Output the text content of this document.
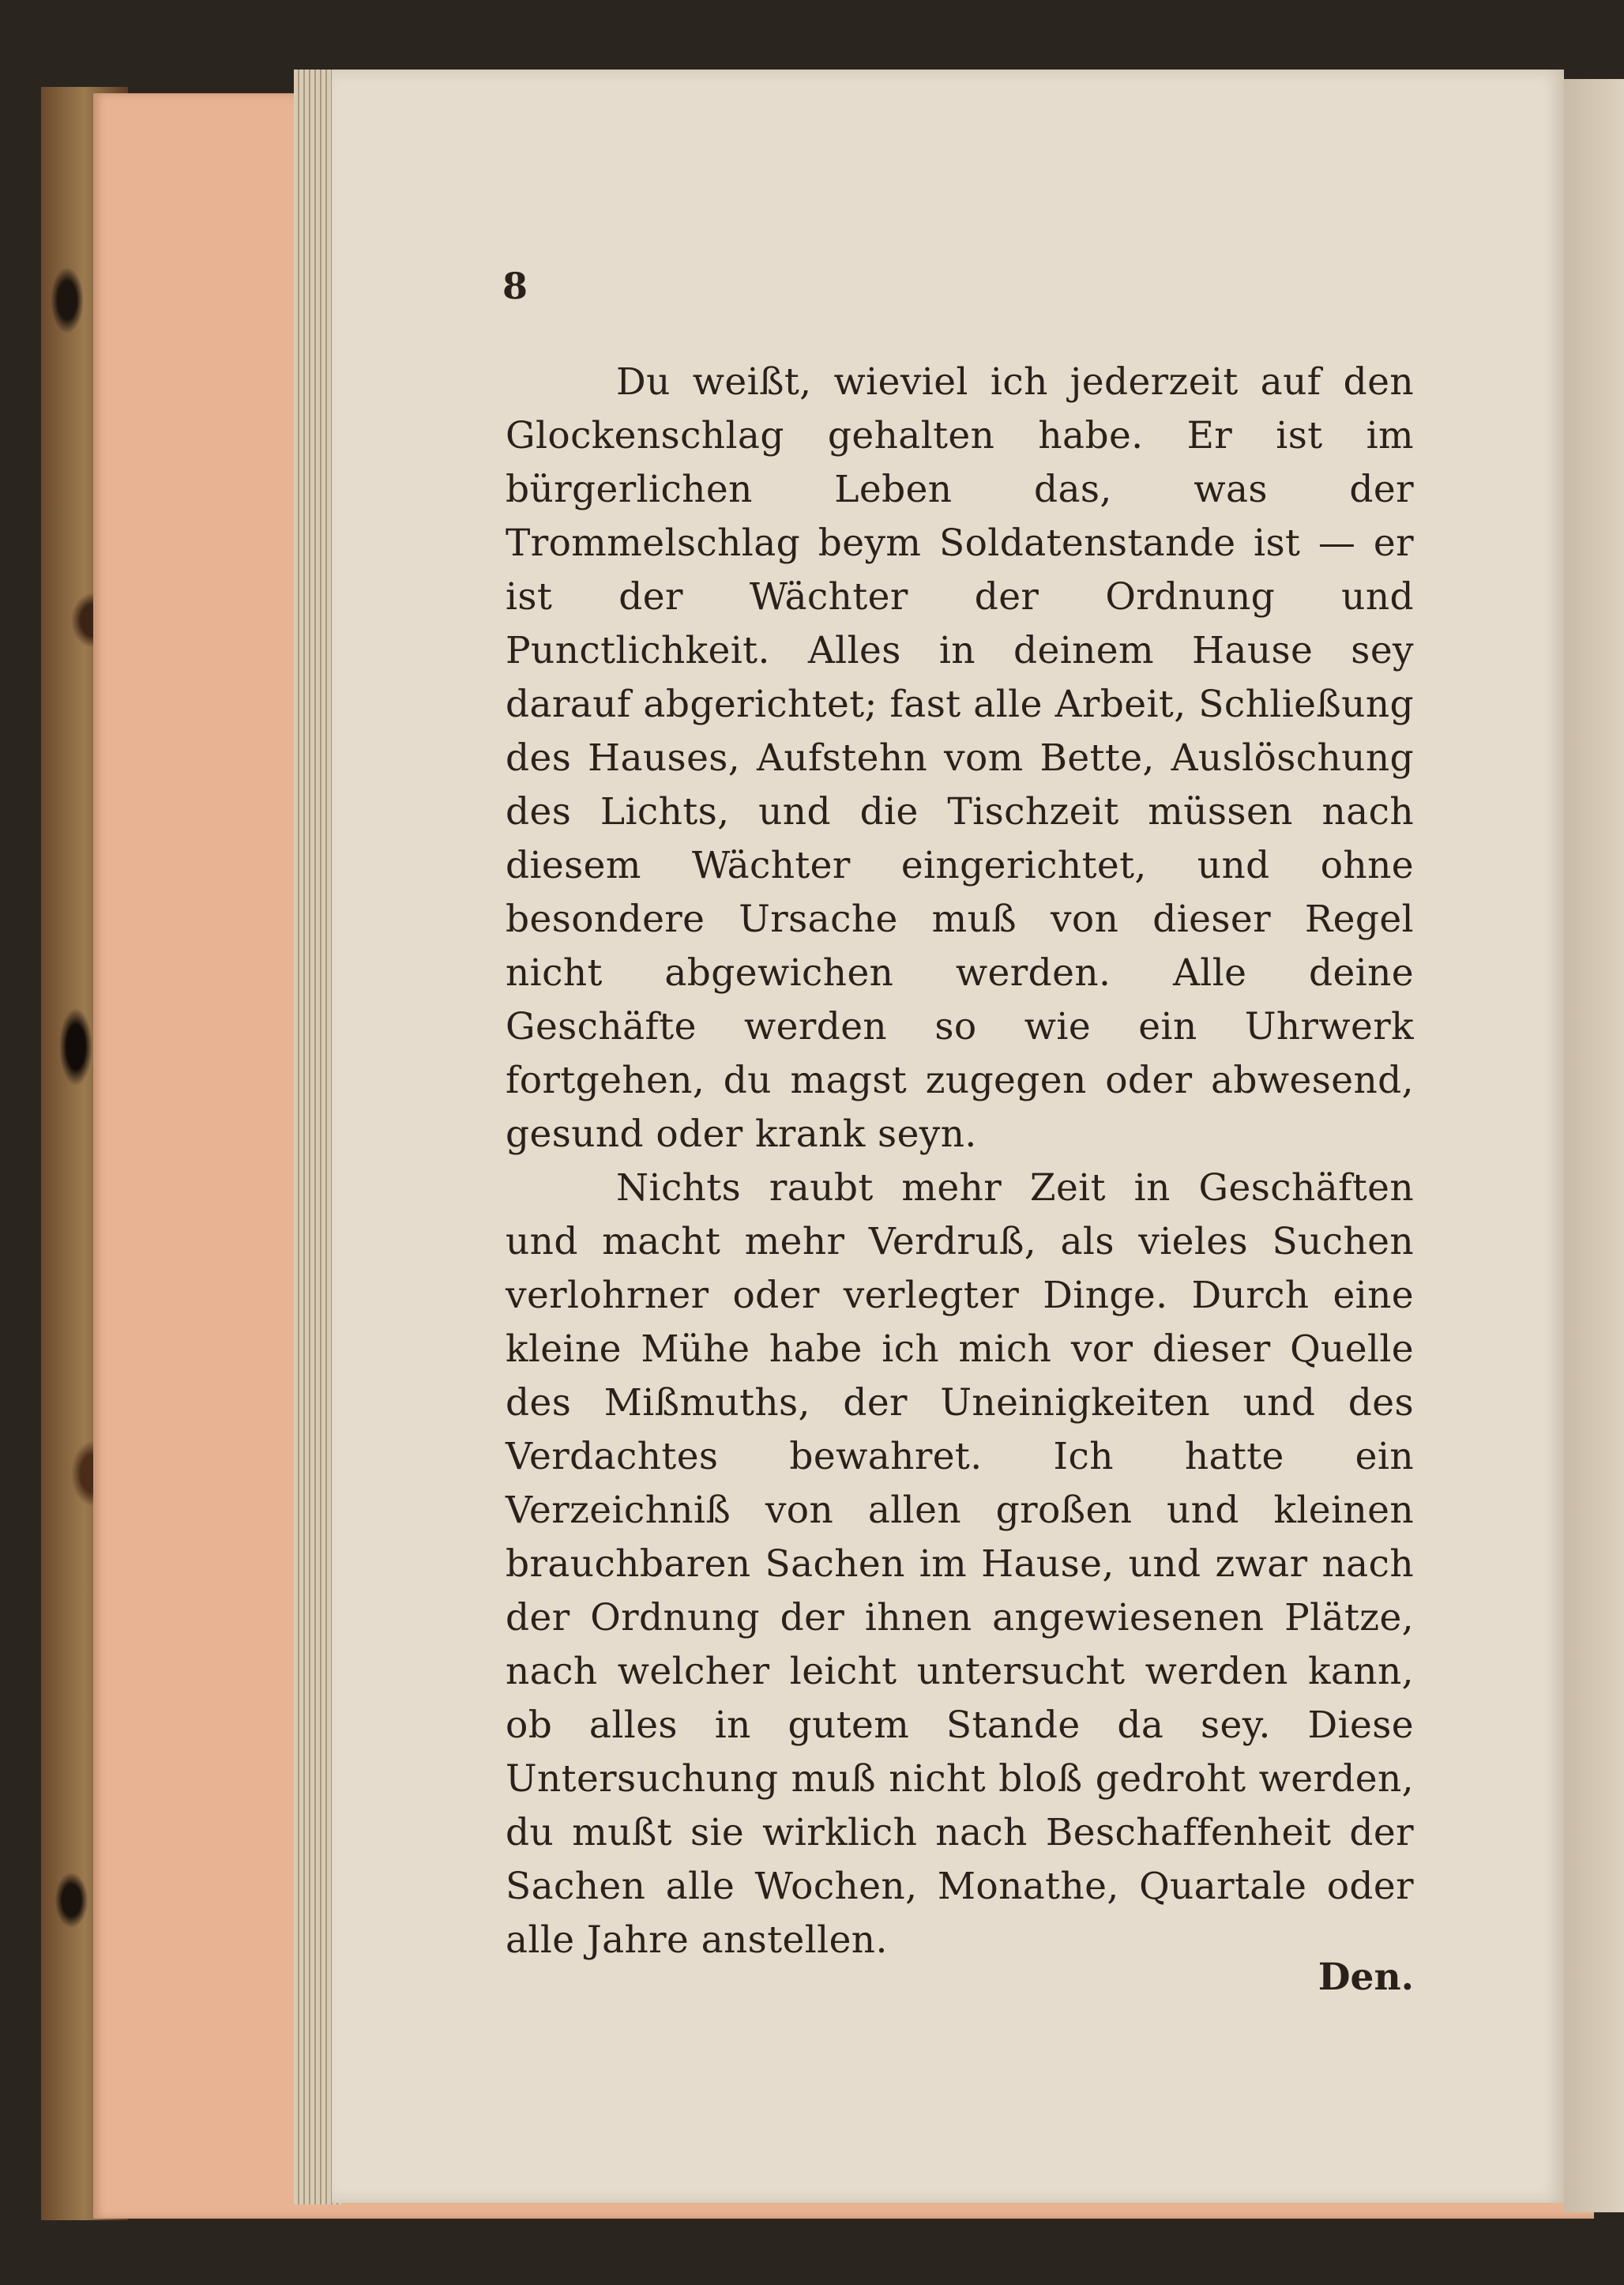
8

Du weißt, wieviel ich jederzeit auf den Glockenschlag gehalten habe. Er ist im bürgerlichen Leben das, was der Trommelschlag beym Soldatenstande ist — er ist der Wächter der Ordnung und Punctlichkeit. Alles in deinem Hause sey darauf abgerichtet; fast alle Arbeit, Schließung des Hauses, Aufstehn vom Bette, Auslöschung des Lichts, und die Tischzeit müssen nach diesem Wächter eingerichtet, und ohne besondere Ursache muß von dieser Regel nicht abgewichen werden. Alle deine Geschäfte werden so wie ein Uhrwerk fortgehen, du magst zugegen oder abwesend, gesund oder krank seyn.

Nichts raubt mehr Zeit in Geschäften und macht mehr Verdruß, als vieles Suchen verlohrner oder verlegter Dinge. Durch eine kleine Mühe habe ich mich vor dieser Quelle des Mißmuths, der Uneinigkeiten und des Verdachtes bewahret. Ich hatte ein Verzeichniß von allen großen und kleinen brauchbaren Sachen im Hause, und zwar nach der Ordnung der ihnen angewiesenen Plätze, nach welcher leicht untersucht werden kann, ob alles in gutem Stande da sey. Diese Untersuchung muß nicht bloß gedroht werden, du mußt sie wirklich nach Beschaffenheit der Sachen alle Wochen, Monathe, Quartale oder alle Jahre anstellen.

Den.
